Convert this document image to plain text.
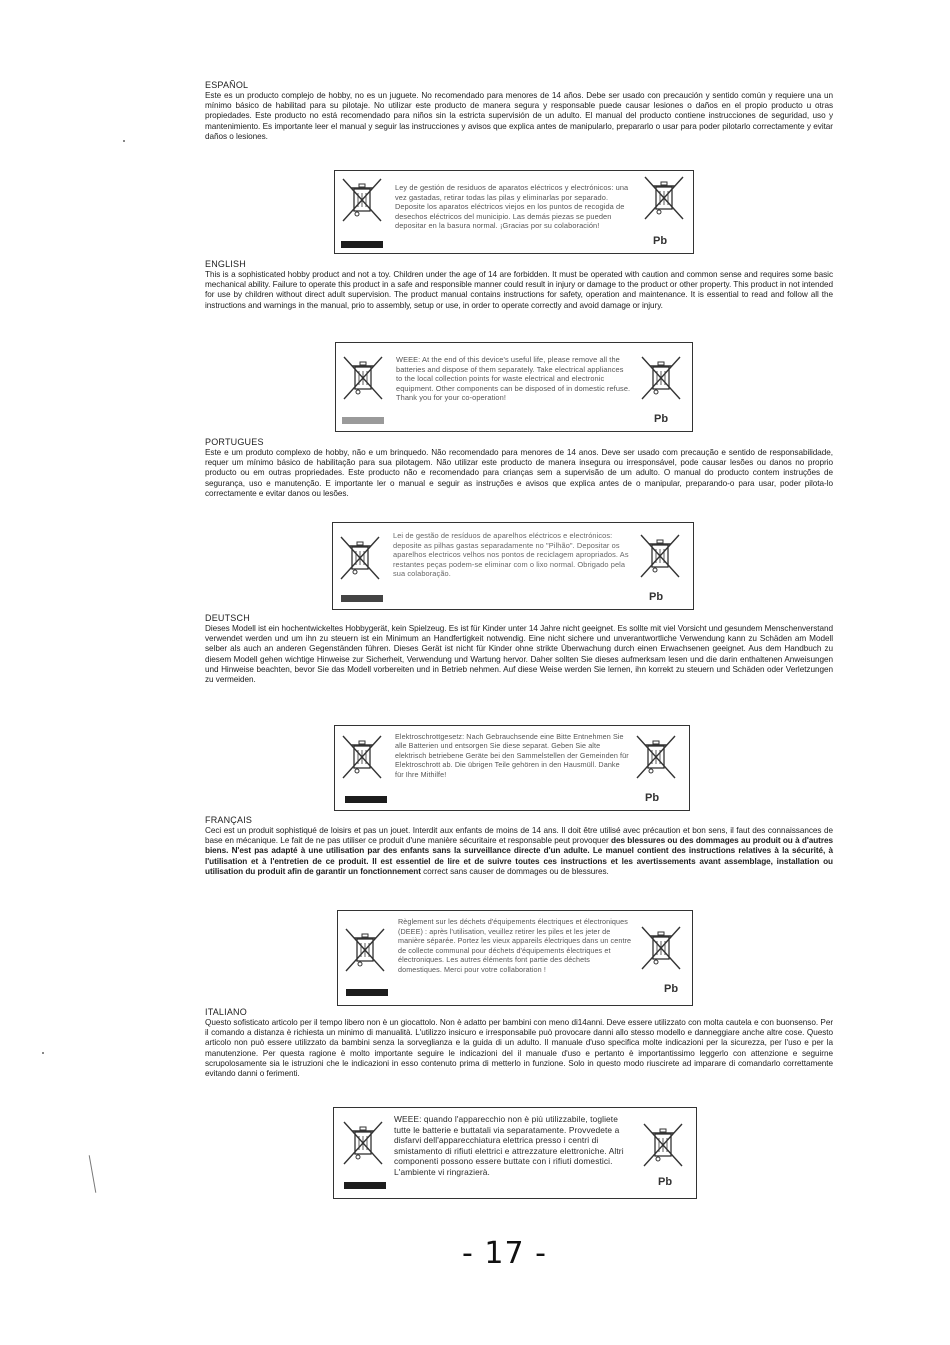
ESPAÑOL

Este es un producto complejo de hobby, no es un juguete. No recomendado para menores de 14 años. Debe ser usado con precaución y sentido común y requiere una un mínimo básico de habilitad para su pilotaje. No utilizar este producto de manera segura y responsable puede causar lesiones o daños en el propio producto u otras propiedades. Este producto no está recomendado para niños sin la estricta supervisión de un adulto. El manual del producto contiene instrucciones de seguridad, uso y mantenimiento. Es importante leer el manual y seguir las instrucciones y avisos que explica antes de manipularlo, prepararlo o usar para poder pilotarlo correctamente y evitar daños o lesiones.

Ley de gestión de residuos de aparatos eléctricos y electrónicos: una vez gastadas, retirar todas las pilas y eliminarlas por separado. Deposite los aparatos eléctricos viejos en los puntos de recogida de desechos eléctricos del municipio. Las demás piezas se pueden depositar en la basura normal. ¡Gracias por su colaboración!
Pb

ENGLISH

This is a sophisticated hobby product and not a toy. Children under the age of 14 are forbidden. It must be operated with caution and common sense and requires some basic mechanical ability. Failure to operate this product in a safe and responsible manner could result in injury or damage to the product or other property. This product in not intended for use by children without direct adult supervision. The product manual contains instructions for safety, operation and maintenance. It is essential to read and follow all the instructions and warnings in the manual, prio to assembly, setup or use, in order to operate correctly and avoid damage or injury.

WEEE: At the end of this device's useful life, please remove all the batteries and dispose of them separately. Take electrical appliances to the local collection points for waste electrical and electronic equipment. Other components can be disposed of in domestic refuse. Thank you for your co-operation!
Pb

PORTUGUES

Este e um produto complexo de hobby, não e um brinquedo. Não recomendado para menores de 14 anos. Deve ser usado com precaução e sentido de responsabilidade, requer um mínimo básico de habilitação para sua pilotagem. Não utilizar este producto de manera insegura ou irresponsável, pode causar lesões ou danos no proprio producto ou em outras propriedades. Este producto não e recomendado para crianças sem a supervisão de um adulto. O manual do producto contem instruções de segurança, uso e manutenção. E importante ler o manual e seguir as instruções e avisos que explica antes de o manipular, preparando-o para usar, poder pilota-lo correctamente e evitar danos ou lesões.

Lei de gestão de resíduos de aparelhos eléctricos e electrónicos: deposite as pilhas gastas separadamente no "Pilhão". Depositar os aparelhos electricos velhos nos pontos de reciclagem apropriados. As restantes peças podem-se eliminar com o lixo normal. Obrigado pela sua colaboração.
Pb

DEUTSCH

Dieses Modell ist ein hochentwickeltes Hobbygerät, kein Spielzeug. Es ist für Kinder unter 14 Jahre nicht geeignet. Es sollte mit viel Vorsicht und gesundem Menschenverstand verwendet werden und um ihn zu steuern ist ein Minimum an Handfertigkeit notwendig. Eine nicht sichere und unverantwortliche Verwendung kann zu Schäden am Modell selber als auch an anderen Gegenständen führen. Dieses Gerät ist nicht für Kinder ohne strikte Überwachung durch einen Erwachsenen geeignet. Aus dem Handbuch zu diesem Modell gehen wichtige Hinweise zur Sicherheit, Verwendung und Wartung hervor. Daher sollten Sie dieses aufmerksam lesen und die darin enthaltenen Anweisungen und Hinweise beachten, bevor Sie das Modell vorbereiten und in Betrieb nehmen. Auf diese Weise werden Sie lernen, ihn korrekt zu steuern und Schäden oder Verletzungen zu vermeiden.

Elektroschrottgesetz: Nach Gebrauchsende eine Bitte Entnehmen Sie alle Batterien und entsorgen Sie diese separat. Geben Sie alte elektrisch betriebene Geräte bei den Sammelstellen der Gemeinden für Elektroschrott ab. Die übrigen Teile gehören in den Hausmüll. Danke für Ihre Mithilfe!
Pb

FRANÇAIS

Ceci est un produit sophistiqué de loisirs et pas un jouet. Interdit aux enfants de moins de 14 ans. Il doit être utilisé avec précaution et bon sens, il faut des connaissances de base en mécanique. Le fait de ne pas utiliser ce produit d'une manière sécuritaire et responsable peut provoquer des blessures ou des dommages au produit ou à d'autres biens. N'est pas adapté à une utilisation par des enfants sans la surveillance directe d'un adulte. Le manuel contient des instructions relatives à la sécurité, à l'utilisation et à l'entretien de ce produit. Il est essentiel de lire et de suivre toutes ces instructions et les avertissements avant assemblage, installation ou utilisation du produit afin de garantir un fonctionnement correct sans causer de dommages ou de blessures.

Règlement sur les déchets d'équipements électriques et électroniques (DEEE) : après l'utilisation, veuillez retirer les piles et les jeter de manière séparée. Portez les vieux appareils électriques dans un centre de collecte communal pour déchets d'équipements électriques et électroniques. Les autres éléments font partie des déchets domestiques. Merci pour votre collaboration !
Pb

ITALIANO

Questo sofisticato articolo per il tempo libero non è un giocattolo. Non è adatto per bambini con meno di14anni. Deve essere utilizzato con molta cautela e con buonsenso. Per il comando a distanza è richiesta un minimo di manualità. L'utilizzo insicuro e irresponsabile può provocare danni allo stesso modello e danneggiare anche altre cose. Questo articolo non può essere utilizzato da bambini senza la sorveglianza e la guida di un adulto. Il manuale d'uso specifica molte indicazioni per la sicurezza, per l'uso e per la manutenzione. Per questa ragione è molto importante seguire le indicazioni del il manuale d'uso e pertanto è importantissimo leggerlo con attenzione e seguirne scrupolosamente sia le istruzioni che le indicazioni in esso contenuto prima di metterlo in funzione. Solo in questo modo riuscirete ad imparare di comandarlo correttamente evitando danni o ferimenti.

WEEE: quando l'apparecchio non è più utilizzabile, togliete tutte le batterie e buttatali via separatamente. Provvedete a disfarvi dell'apparecchiatura elettrica presso i centri di smistamento di rifiuti elettrici e attrezzature elettroniche. Altri componenti possono essere buttate con i rifiuti domestici. L'ambiente vi ringrazierà.
Pb
- 17 -
